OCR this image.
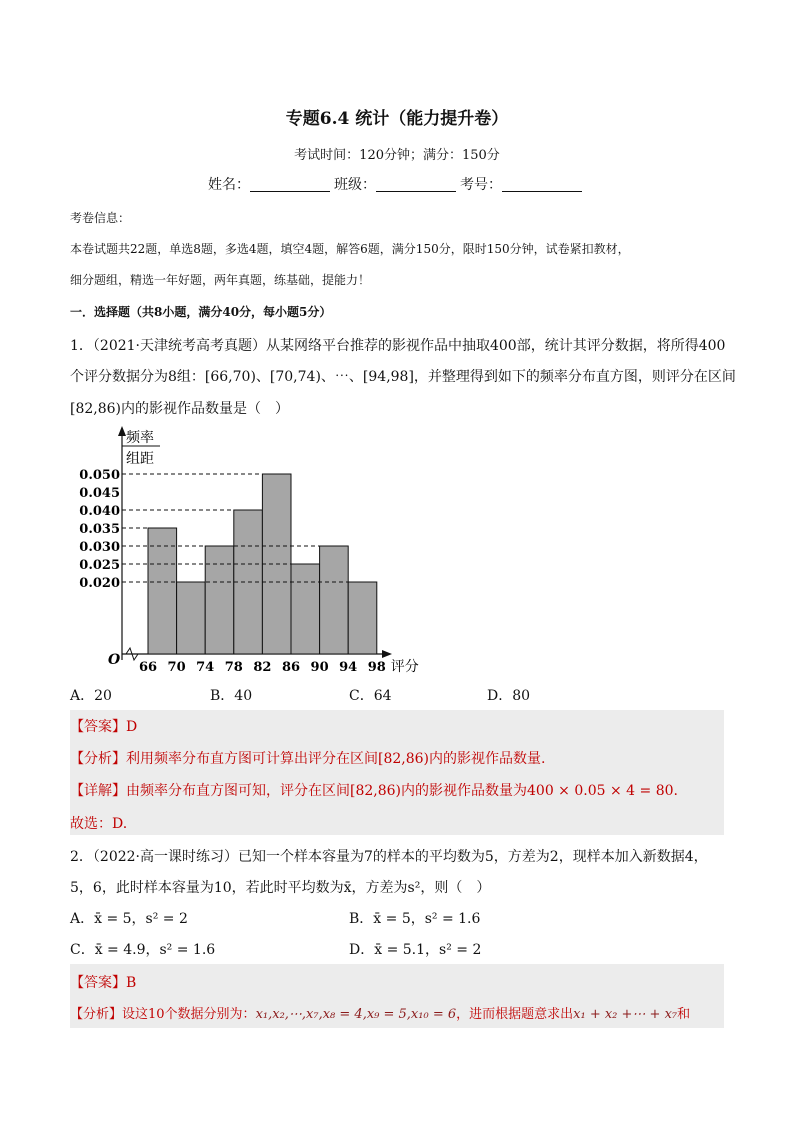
专题6.4 统计（能力提升卷）
考试时间：120分钟；满分：150分
姓名：	班级：	考号：
考卷信息：
本卷试题共22题，单选8题，多选4题，填空4题，解答6题，满分150分，限时150分钟，试卷紧扣教材，
细分题组，精选一年好题，两年真题，练基础，提能力！
一．选择题（共8小题，满分40分，每小题5分）
1．（2021·天津统考高考真题）从某网络平台推荐的影视作品中抽取400部，统计其评分数据，将所得400
个评分数据分为8组：[66,70)、[70,74)、⋯、[94,98]，并整理得到如下的频率分布直方图，则评分在区间
[82,86)内的影视作品数量是（　）
频率
组距
O
0.050
0.045
0.040
0.035
0.030
0.025
0.020
66 70 74 78 82 86 90 94 98 评分
A．20	B．40	C．64	D．80
【答案】D
【分析】利用频率分布直方图可计算出评分在区间[82,86)内的影视作品数量.
【详解】由频率分布直方图可知，评分在区间[82,86)内的影视作品数量为400 × 0.05 × 4 = 80.
故选：D.
2．（2022·高一课时练习）已知一个样本容量为7的样本的平均数为5，方差为2，现样本加入新数据4，
5，6，此时样本容量为10，若此时平均数为x̄，方差为s²，则（　）
A．x̄ = 5，s² = 2	B．x̄ = 5，s² = 1.6
C．x̄ = 4.9，s² = 1.6	D．x̄ = 5.1，s² = 2
【答案】B
【分析】设这10个数据分别为：x₁,x₂,⋯,x₇,x₈ = 4,x₉ = 5,x₁₀ = 6，进而根据题意求出x₁ + x₂ +⋯ + x₇和
